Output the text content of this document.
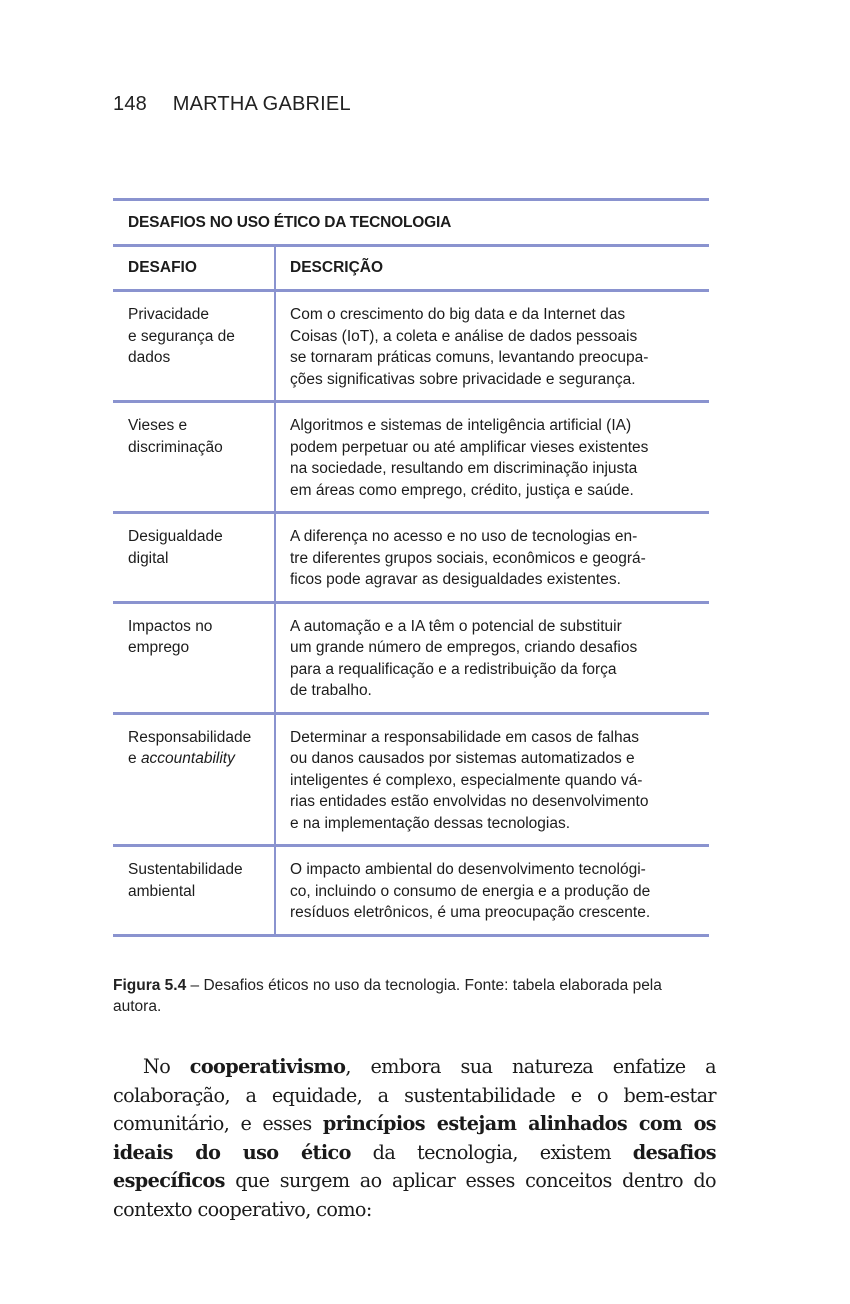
148 MARTHA GABRIEL
DESAFIOS NO USO ÉTICO DA TECNOLOGIA
DESAFIO	DESCRIÇÃO
Privacidade
e segurança de
dados
Com o crescimento do big data e da Internet das
Coisas (IoT), a coleta e análise de dados pessoais
se tornaram práticas comuns, levantando preocupa-
ções significativas sobre privacidade e segurança.
Vieses e
discriminação
Algoritmos e sistemas de inteligência artificial (IA)
podem perpetuar ou até amplificar vieses existentes
na sociedade, resultando em discriminação injusta
em áreas como emprego, crédito, justiça e saúde.
Desigualdade
digital
A diferença no acesso e no uso de tecnologias en-
tre diferentes grupos sociais, econômicos e geográ-
ficos pode agravar as desigualdades existentes.
Impactos no
emprego
A automação e a IA têm o potencial de substituir
um grande número de empregos, criando desafios
para a requalificação e a redistribuição da força
de trabalho.
Responsabilidade
e accountability
Determinar a responsabilidade em casos de falhas
ou danos causados por sistemas automatizados e
inteligentes é complexo, especialmente quando vá-
rias entidades estão envolvidas no desenvolvimento
e na implementação dessas tecnologias.
Sustentabilidade
ambiental
O impacto ambiental do desenvolvimento tecnológi-
co, incluindo o consumo de energia e a produção de
resíduos eletrônicos, é uma preocupação crescente.
Figura 5.4 – Desafios éticos no uso da tecnologia. Fonte: tabela elaborada pela autora.

No cooperativismo, embora sua natureza enfatize a colaboração, a equidade, a sustentabilidade e o bem-estar comunitário, e esses princípios estejam alinhados com os ideais do uso ético da tecnologia, existem desafios específicos que surgem ao aplicar esses conceitos dentro do contexto cooperativo, como:
